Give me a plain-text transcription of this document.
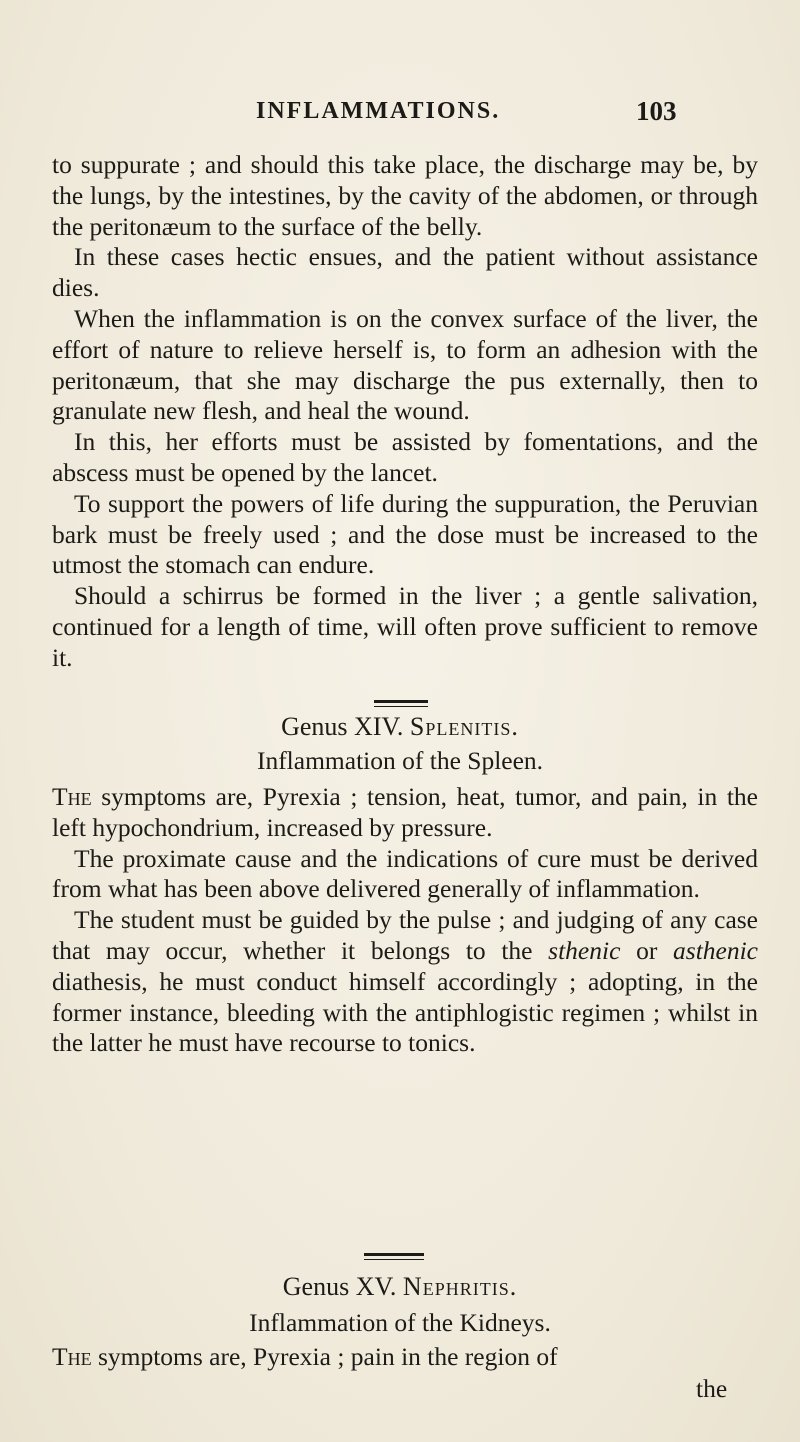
INFLAMMATIONS.	103

to suppurate ; and should this take place, the discharge may be, by the lungs, by the intestines, by the cavity of the abdomen, or through the peritonæum to the surface of the belly.

In these cases hectic ensues, and the patient without assistance dies.

When the inflammation is on the convex surface of the liver, the effort of nature to relieve herself is, to form an adhesion with the peritonæum, that she may discharge the pus externally, then to granulate new flesh, and heal the wound.

In this, her efforts must be assisted by fomentations, and the abscess must be opened by the lancet.

To support the powers of life during the suppuration, the Peruvian bark must be freely used ; and the dose must be increased to the utmost the stomach can endure.

Should a schirrus be formed in the liver ; a gentle salivation, continued for a length of time, will often prove sufficient to remove it.

Genus XIV. Splenitis.
Inflammation of the Spleen.

The symptoms are, Pyrexia ; tension, heat, tumor, and pain, in the left hypochondrium, increased by pressure.

The proximate cause and the indications of cure must be derived from what has been above delivered generally of inflammation.

The student must be guided by the pulse ; and judging of any case that may occur, whether it belongs to the sthenic or asthenic diathesis, he must conduct himself accordingly ; adopting, in the former instance, bleeding with the antiphlogistic regimen ; whilst in the latter he must have recourse to tonics.

Genus XV. Nephritis.
Inflammation of the Kidneys.

The symptoms are, Pyrexia ; pain in the region of

the
